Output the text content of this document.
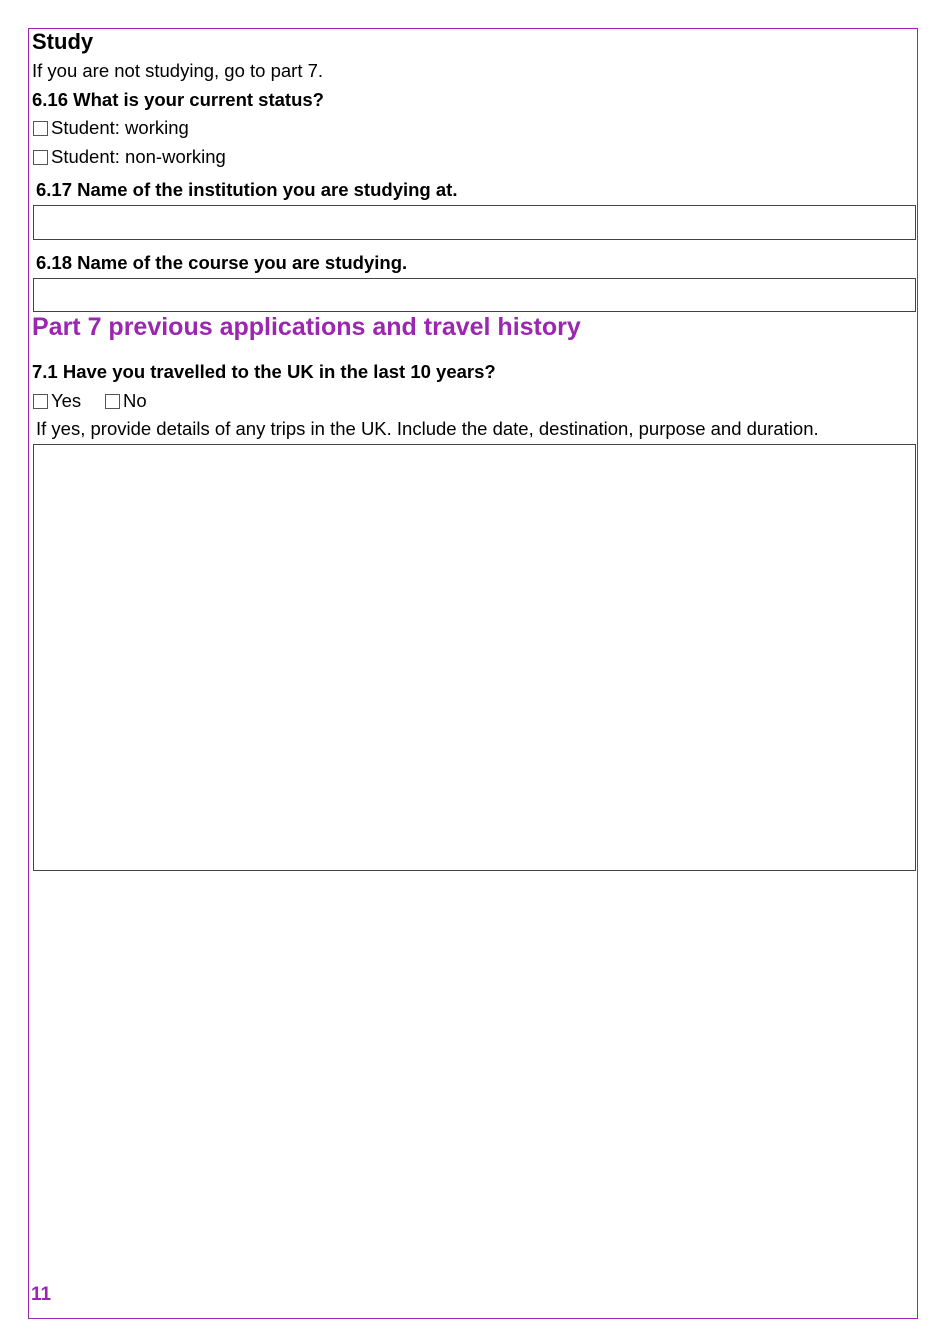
Study
If you are not studying, go to part 7.
6.16 What is your current status?
Student: working
Student: non-working
6.17 Name of the institution you are studying at.
6.18 Name of the course you are studying.
Part 7 previous applications and travel history
7.1 Have you travelled to the UK in the last 10 years?
Yes No
If yes, provide details of any trips in the UK. Include the date, destination, purpose and duration.
11
